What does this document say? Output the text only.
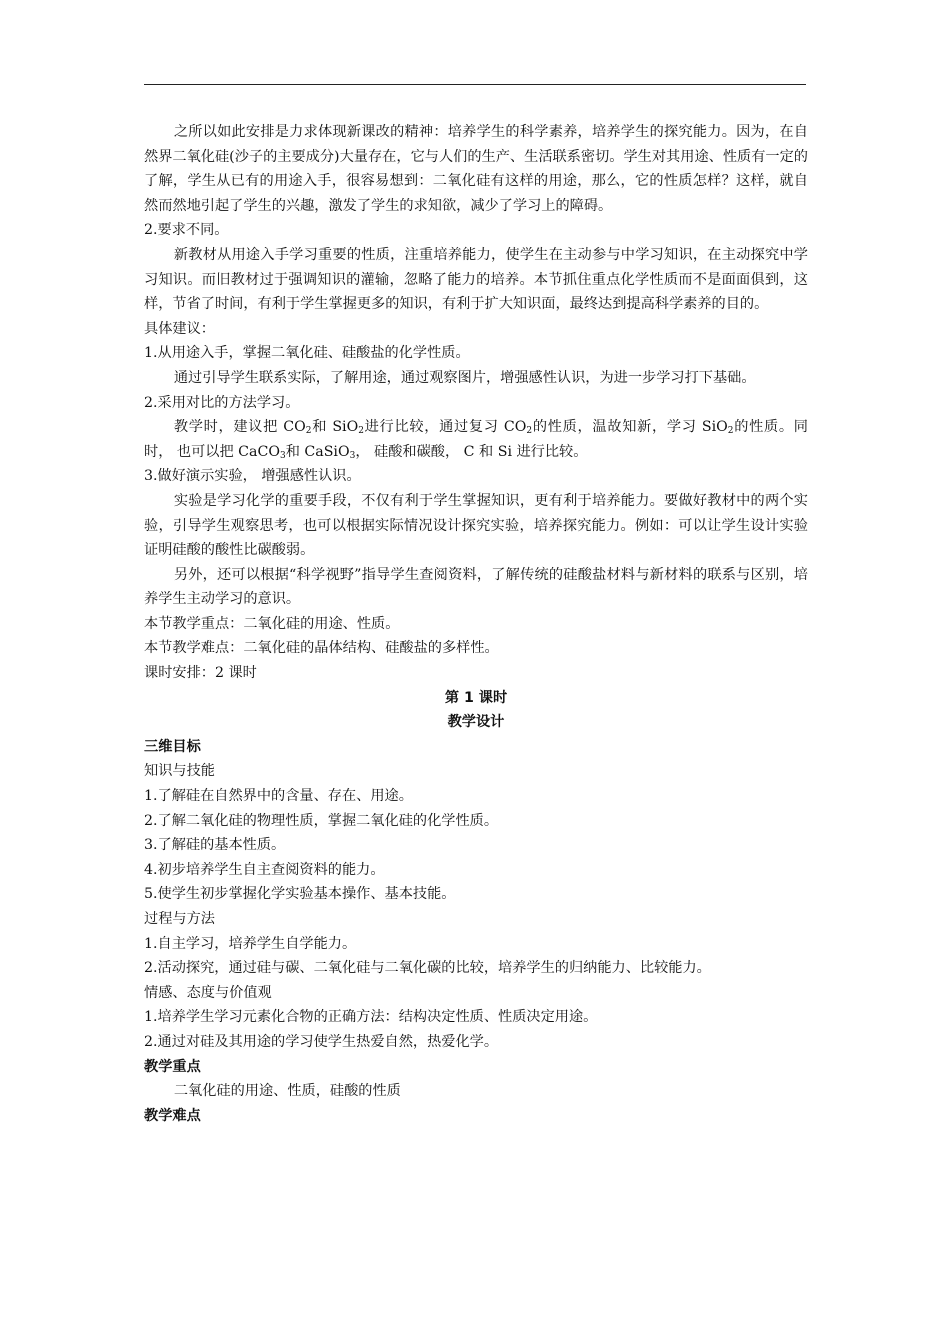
之所以如此安排是力求体现新课改的精神：培养学生的科学素养，培养学生的探究能力。因为，在自然界二氧化硅(沙子的主要成分)大量存在，它与人们的生产、生活联系密切。学生对其用途、性质有一定的了解，学生从已有的用途入手，很容易想到：二氧化硅有这样的用途，那么，它的性质怎样？这样，就自然而然地引起了学生的兴趣，激发了学生的求知欲，减少了学习上的障碍。

2.要求不同。

新教材从用途入手学习重要的性质，注重培养能力，使学生在主动参与中学习知识，在主动探究中学习知识。而旧教材过于强调知识的灌输，忽略了能力的培养。本节抓住重点化学性质而不是面面俱到，这样，节省了时间，有利于学生掌握更多的知识，有利于扩大知识面，最终达到提高科学素养的目的。

具体建议：

1.从用途入手，掌握二氧化硅、硅酸盐的化学性质。

通过引导学生联系实际，了解用途，通过观察图片，增强感性认识，为进一步学习打下基础。

2.采用对比的方法学习。

教学时，建议把 $CO_2$和 SiO$_2$进行比较，通过复习 $CO_2$的性质，温故知新，学习 SiO$_2$的性质。同时， 也可以把 CaCO$_3$和 CaSiO$_3$， 硅酸和碳酸， C 和 Si 进行比较。

3.做好演示实验， 增强感性认识。

实验是学习化学的重要手段，不仅有利于学生掌握知识，更有利于培养能力。要做好教材中的两个实验，引导学生观察思考，也可以根据实际情况设计探究实验，培养探究能力。例如：可以让学生设计实验证明硅酸的酸性比碳酸弱。

另外，还可以根据“科学视野”指导学生查阅资料，了解传统的硅酸盐材料与新材料的联系与区别，培养学生主动学习的意识。

本节教学重点：二氧化硅的用途、性质。

本节教学难点：二氧化硅的晶体结构、硅酸盐的多样性。

课时安排：2 课时

第 1 课时

教学设计

三维目标

知识与技能

1.了解硅在自然界中的含量、存在、用途。

2.了解二氧化硅的物理性质，掌握二氧化硅的化学性质。

3.了解硅的基本性质。

4.初步培养学生自主查阅资料的能力。

5.使学生初步掌握化学实验基本操作、基本技能。

过程与方法

1.自主学习，培养学生自学能力。

2.活动探究，通过硅与碳、二氧化硅与二氧化碳的比较，培养学生的归纳能力、比较能力。

情感、态度与价值观

1.培养学生学习元素化合物的正确方法：结构决定性质、性质决定用途。

2.通过对硅及其用途的学习使学生热爱自然，热爱化学。

教学重点

二氧化硅的用途、性质，硅酸的性质

教学难点
